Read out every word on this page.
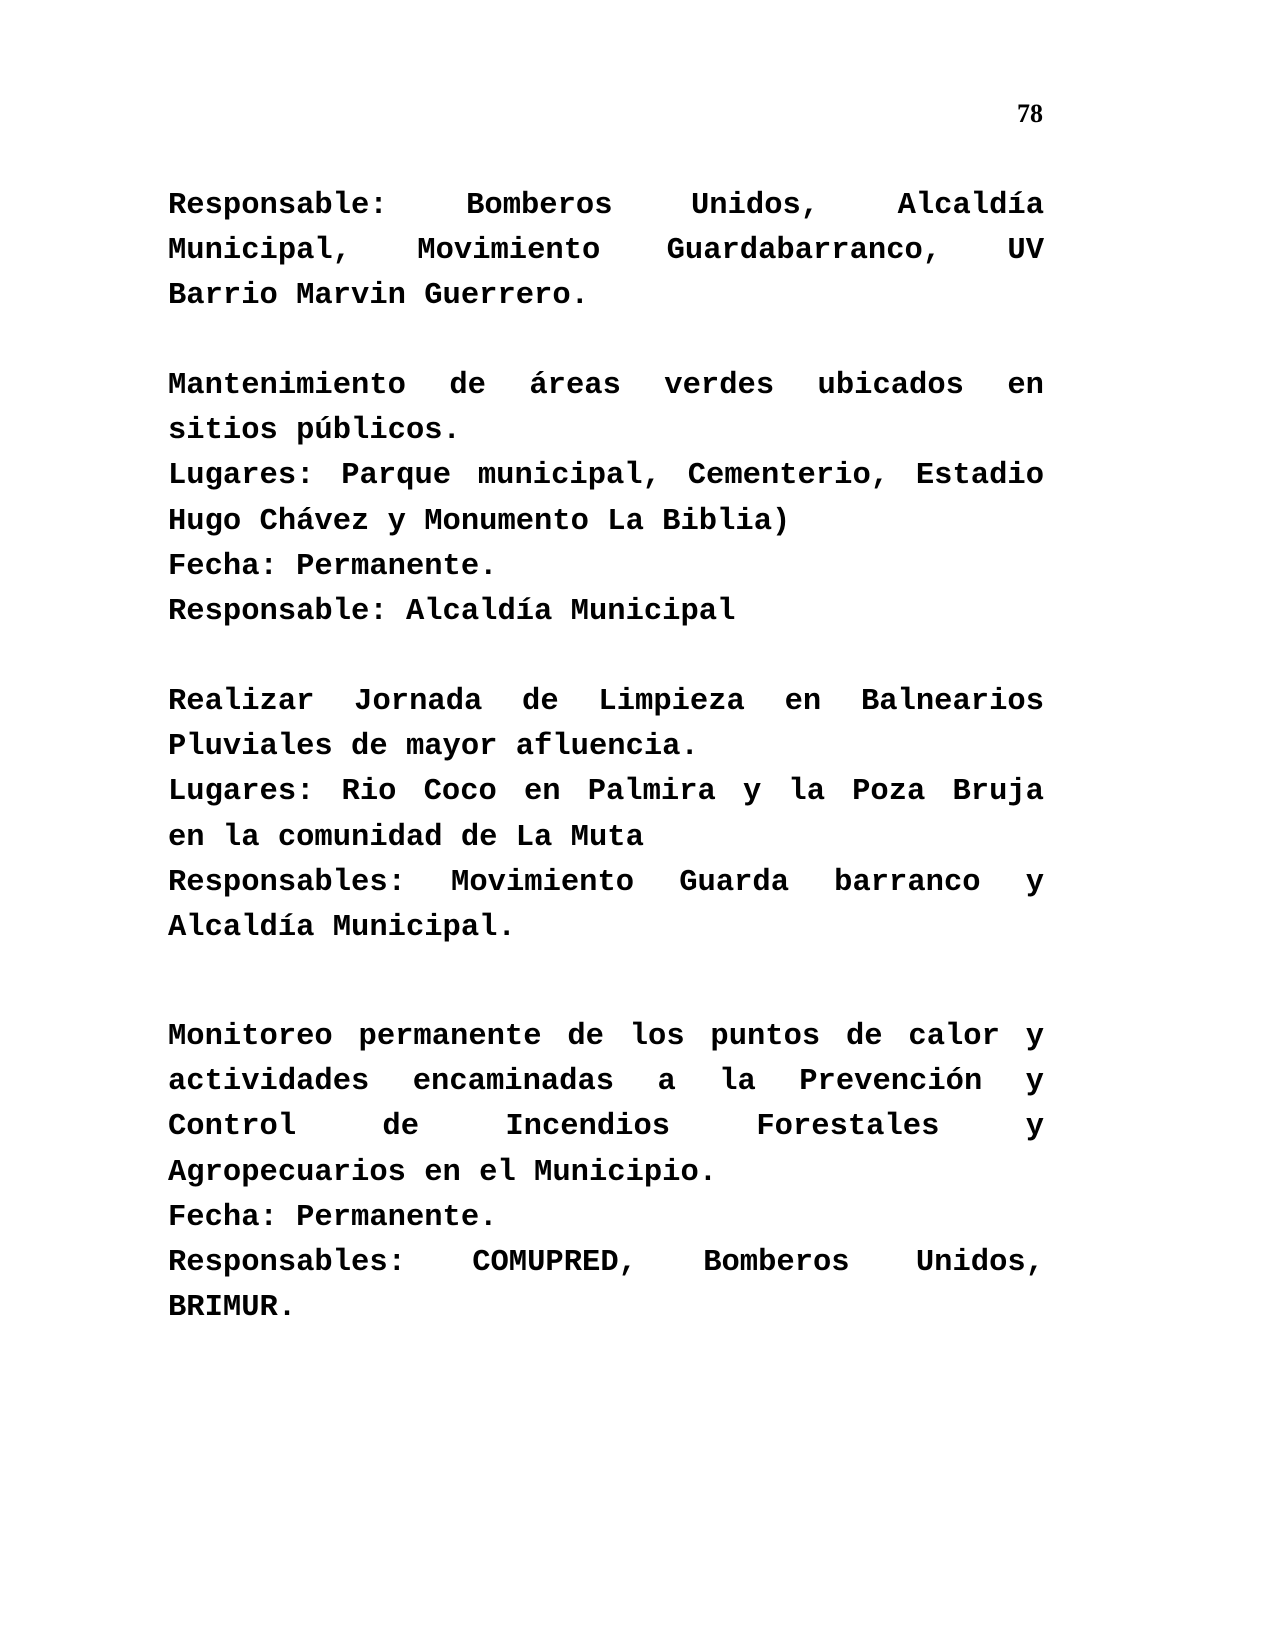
78
Responsable: Bomberos Unidos, Alcaldía
Municipal, Movimiento Guardabarranco, UV
Barrio Marvin Guerrero.
Mantenimiento de áreas verdes ubicados en
sitios públicos.
Lugares: Parque municipal, Cementerio, Estadio
Hugo Chávez y Monumento La Biblia)
Fecha: Permanente.
Responsable: Alcaldía Municipal
Realizar Jornada de Limpieza en Balnearios
Pluviales de mayor afluencia.
Lugares: Rio Coco en Palmira y la Poza Bruja
en la comunidad de La Muta
Responsables: Movimiento Guarda barranco y
Alcaldía Municipal.
Monitoreo permanente de los puntos de calor y
actividades encaminadas a la Prevención y
Control de Incendios Forestales y
Agropecuarios en el Municipio.
Fecha: Permanente.
Responsables: COMUPRED, Bomberos Unidos,
BRIMUR.
